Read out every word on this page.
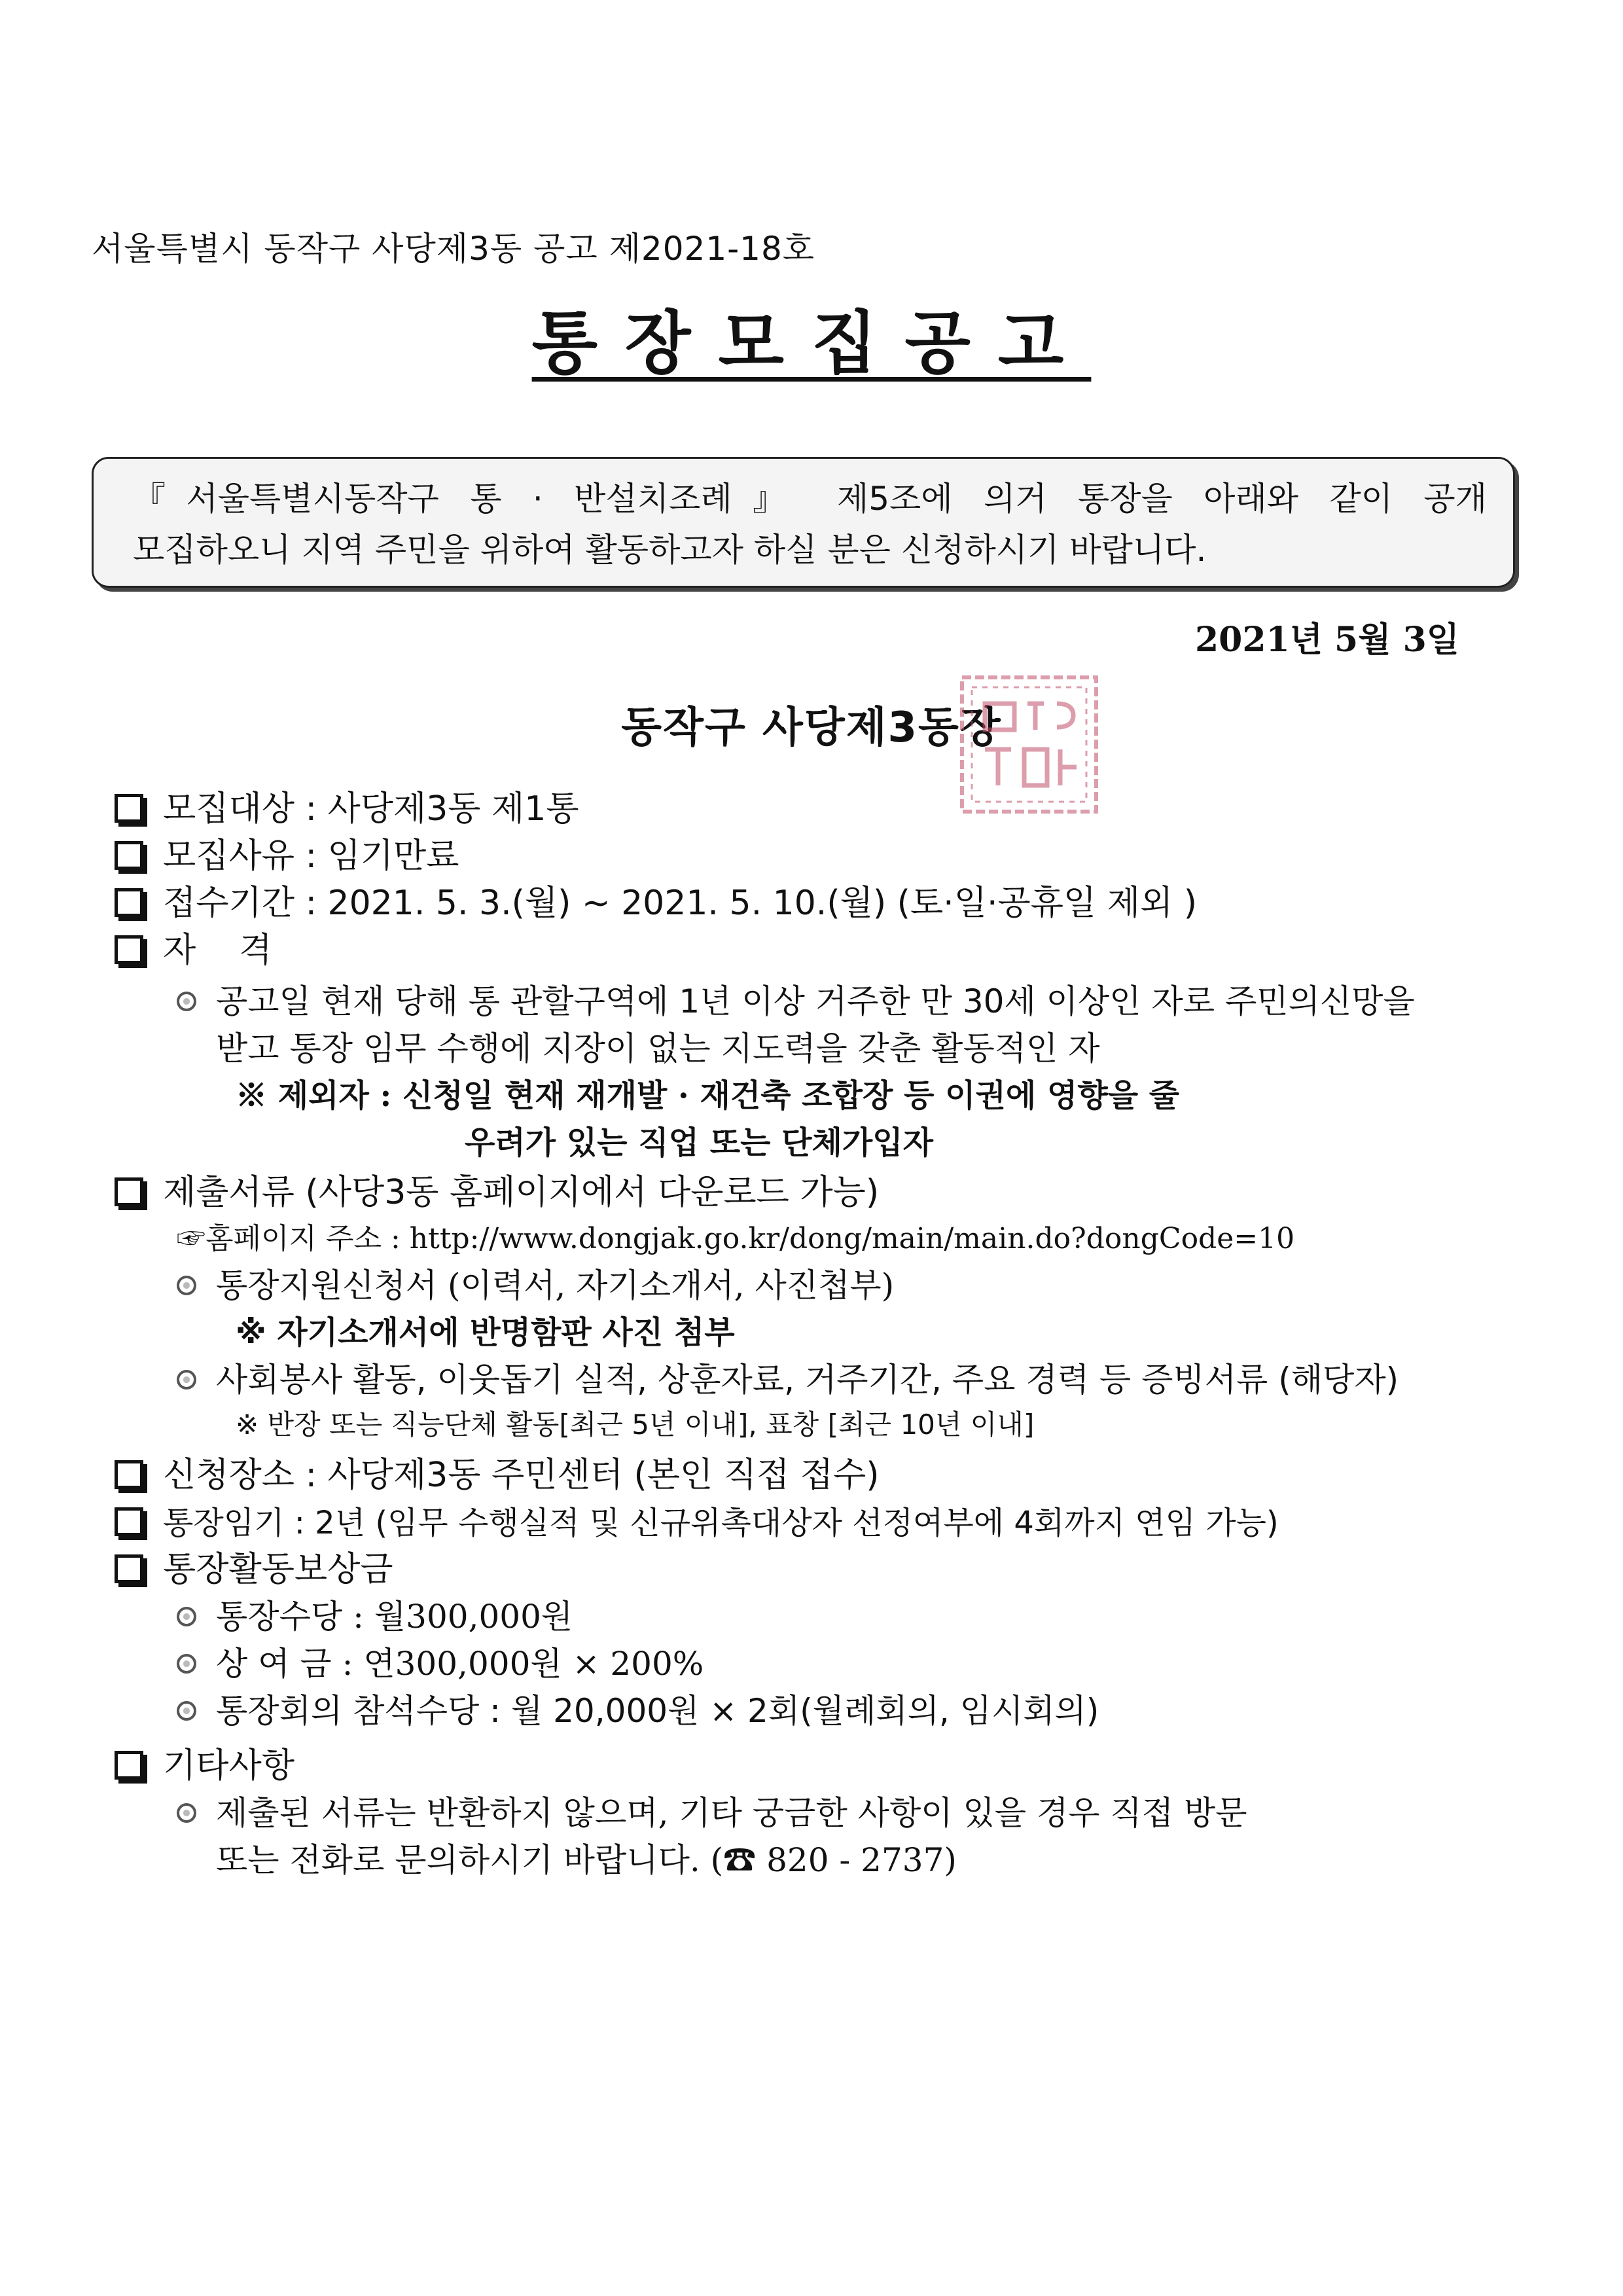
서울특별시 동작구 사당제3동 공고 제2021-18호
통장모집공고
『서울특별시동작구 통 · 반설치조례』 제5조에 의거 통장을 아래와 같이 공개
모집하오니 지역 주민을 위하여 활동하고자 하실 분은 신청하시기 바랍니다.
2021년 5월 3일
동작구 사당제3동장
모집대상 : 사당제3동 제1통
모집사유 : 임기만료
접수기간 : 2021. 5. 3.(월) ~ 2021. 5. 10.(월) (토·일·공휴일 제외 )
자    격
공고일 현재 당해 통 관할구역에 1년 이상 거주한 만 30세 이상인 자로 주민의신망을
받고 통장 임무 수행에 지장이 없는 지도력을 갖춘 활동적인 자
※ 제외자 : 신청일 현재 재개발 · 재건축 조합장 등 이권에 영향을 줄
우려가 있는 직업 또는 단체가입자
제출서류 (사당3동 홈페이지에서 다운로드 가능)
☞홈페이지 주소 : http://www.dongjak.go.kr/dong/main/main.do?dongCode=10
통장지원신청서 (이력서, 자기소개서, 사진첩부)
※ 자기소개서에 반명함판 사진 첨부
사회봉사 활동, 이웃돕기 실적, 상훈자료, 거주기간, 주요 경력 등 증빙서류 (해당자)
※ 반장 또는 직능단체 활동[최근 5년 이내], 표창 [최근 10년 이내]
신청장소 : 사당제3동 주민센터 (본인 직접 접수)
통장임기 : 2년 (임무 수행실적 및 신규위촉대상자 선정여부에 4회까지 연임 가능)
통장활동보상금
통장수당 : 월300,000원
상 여 금 : 연300,000원 × 200%
통장회의 참석수당 : 월 20,000원 × 2회(월례회의, 임시회의)
기타사항
제출된 서류는 반환하지 않으며, 기타 궁금한 사항이 있을 경우 직접 방문
또는 전화로 문의하시기 바랍니다. (☎ 820 - 2737)
